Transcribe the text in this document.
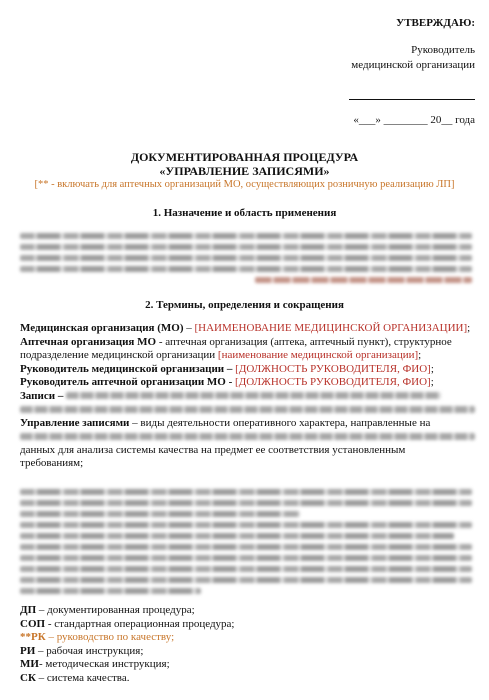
УТВЕРЖДАЮ:
Руководитель
медицинской организации
«___» ________ 20__ года
ДОКУМЕНТИРОВАННАЯ ПРОЦЕДУРА
«УПРАВЛЕНИЕ ЗАПИСЯМИ»
[** - включать для аптечных организаций МО, осуществляющих розничную реализацию ЛП]
1. Назначение и область применения
2. Термины, определения и сокращения
Медицинская организация (МО) – [НАИМЕНОВАНИЕ МЕДИЦИНСКОЙ ОРГАНИЗАЦИИ];
Аптечная организация МО - аптечная организация (аптека, аптечный пункт), структурное подразделение медицинской организации [наименование медицинской организации];
Руководитель медицинской организации – [ДОЛЖНОСТЬ РУКОВОДИТЕЛЯ, ФИО];
Руководитель аптечной организации МО - [ДОЛЖНОСТЬ РУКОВОДИТЕЛЯ, ФИО];
Записи –
Управление записями – виды деятельности оперативного характера, направленные на
данных для анализа системы качества на предмет ее соответствия установленным
требованиям;
ДП – документированная процедура;
СОП - стандартная операционная процедура;
**РК – руководство по качеству;
РИ – рабочая инструкция;
МИ- методическая инструкция;
СК – система качества.
